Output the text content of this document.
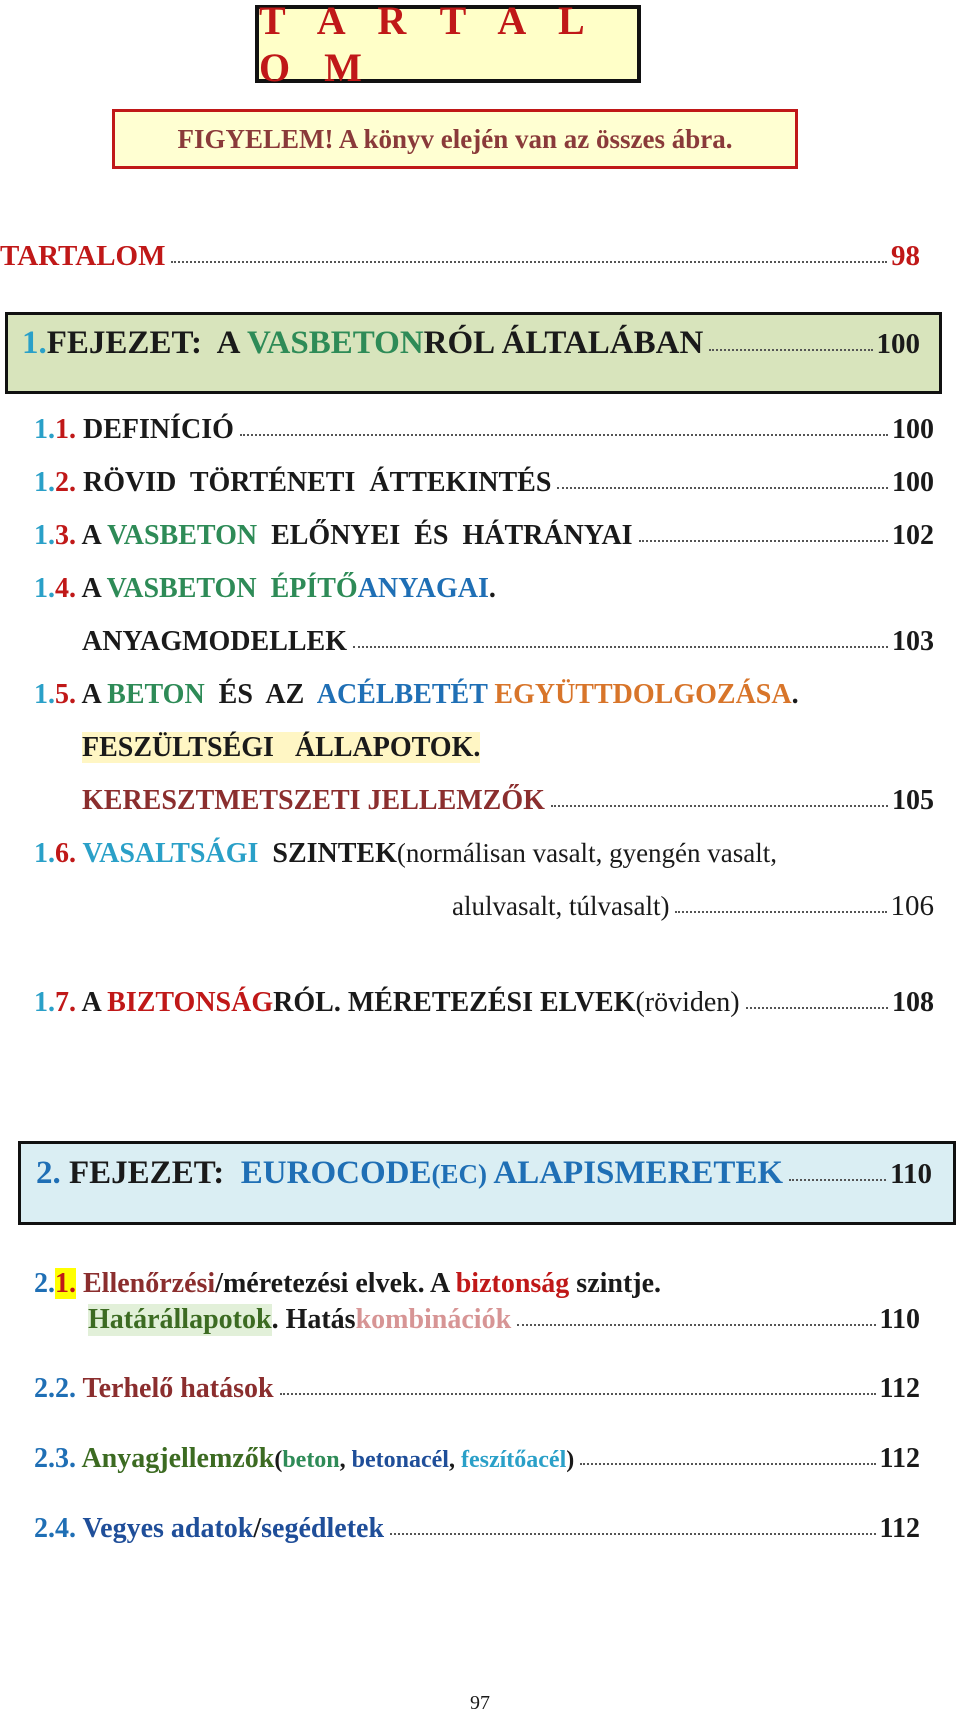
T A R T A L O M
FIGYELEM! A könyv elején van az összes ábra.
TARTALOM	98
1. FEJEZET:  A VASBETON RÓL ÁLTALÁBAN	100
1. 1. DEFINÍCIÓ	100
1. 2. RÖVID  TÖRTÉNETI  ÁTTEKINTÉS	100
1. 3. A VASBETON ELŐNYEI  ÉS  HÁTRÁNYAI	102
1.4. A VASBETON  ÉPÍTŐANYAGAI.
ANYAGMODELLEK	103
1.5. A BETON  ÉS  AZ  ACÉLBETÉT EGYÜTTDOLGOZÁSA.
FESZÜLTSÉGI   ÁLLAPOTOK.
KERESZTMETSZETI JELLEMZŐK	105
1.6. VASALTSÁGI  SZINTEK(normálisan vasalt, gyengén vasalt,
alulvasalt, túlvasalt)	106
1. 7. A BIZTONSÁG RÓL. MÉRETEZÉSI ELVEK (röviden)	108
2. FEJEZET: EUROCODE (EC) ALAPISMERETEK	110
2.1. Ellenőrzési/méretezési elvek. A biztonság szintje.
Határállapotok . Hatás kombinációk	110
2. 2. Terhelő hatások	112
2. 3. Anyagjellemzők ( beton , betonacél , feszítőacél )	112
2. 4. Vegyes adatok / segédletek	112
97
